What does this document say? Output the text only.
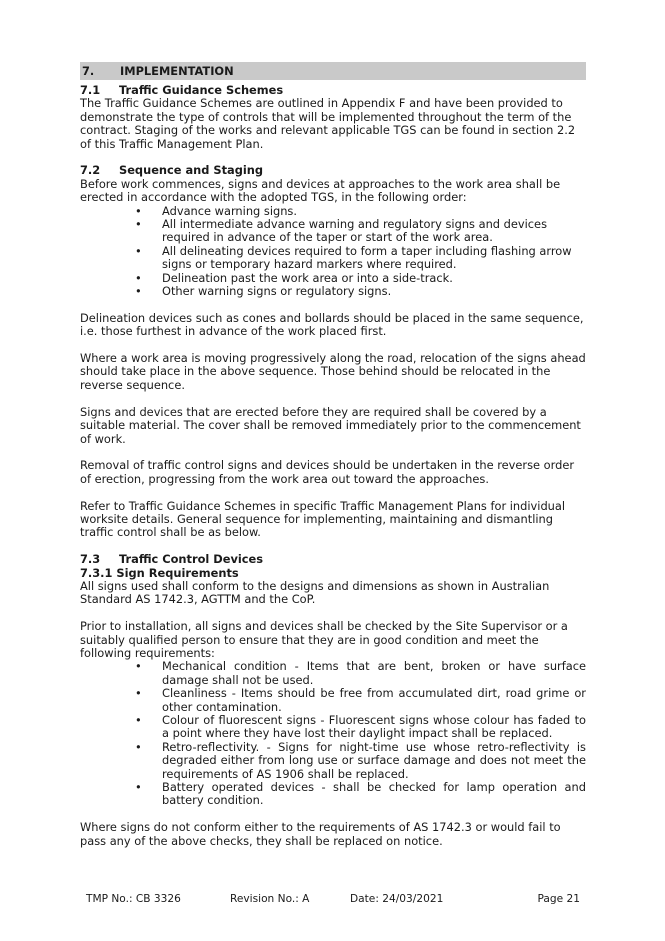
7. IMPLEMENTATION
7.1 Traffic Guidance Schemes

The Traffic Guidance Schemes are outlined in Appendix F and have been provided to demonstrate the type of controls that will be implemented throughout the term of the contract. Staging of the works and relevant applicable TGS can be found in section 2.2 of this Traffic Management Plan.

7.2 Sequence and Staging

Before work commences, signs and devices at approaches to the work area shall be erected in accordance with the adopted TGS, in the following order:

• Advance warning signs.
• All intermediate advance warning and regulatory signs and devices required in advance of the taper or start of the work area.
• All delineating devices required to form a taper including flashing arrow signs or temporary hazard markers where required.
• Delineation past the work area or into a side-track.
• Other warning signs or regulatory signs.

Delineation devices such as cones and bollards should be placed in the same sequence, i.e. those furthest in advance of the work placed first.

Where a work area is moving progressively along the road, relocation of the signs ahead should take place in the above sequence. Those behind should be relocated in the reverse sequence.

Signs and devices that are erected before they are required shall be covered by a suitable material. The cover shall be removed immediately prior to the commencement of work.

Removal of traffic control signs and devices should be undertaken in the reverse order of erection, progressing from the work area out toward the approaches.

Refer to Traffic Guidance Schemes in specific Traffic Management Plans for individual worksite details. General sequence for implementing, maintaining and dismantling traffic control shall be as below.

7.3 Traffic Control Devices
7.3.1 Sign Requirements

All signs used shall conform to the designs and dimensions as shown in Australian Standard AS 1742.3, AGTTM and the CoP.

Prior to installation, all signs and devices shall be checked by the Site Supervisor or a suitably qualified person to ensure that they are in good condition and meet the following requirements:

• Mechanical condition - Items that are bent, broken or have surface damage shall not be used.
• Cleanliness - Items should be free from accumulated dirt, road grime or other contamination.
• Colour of fluorescent signs - Fluorescent signs whose colour has faded to a point where they have lost their daylight impact shall be replaced.
• Retro-reflectivity. - Signs for night-time use whose retro-reflectivity is degraded either from long use or surface damage and does not meet the requirements of AS 1906 shall be replaced.
• Battery operated devices - shall be checked for lamp operation and battery condition.

Where signs do not conform either to the requirements of AS 1742.3 or would fail to pass any of the above checks, they shall be replaced on notice.

TMP No.: CB 3326	Revision No.: A	Date: 24/03/2021	Page 21
